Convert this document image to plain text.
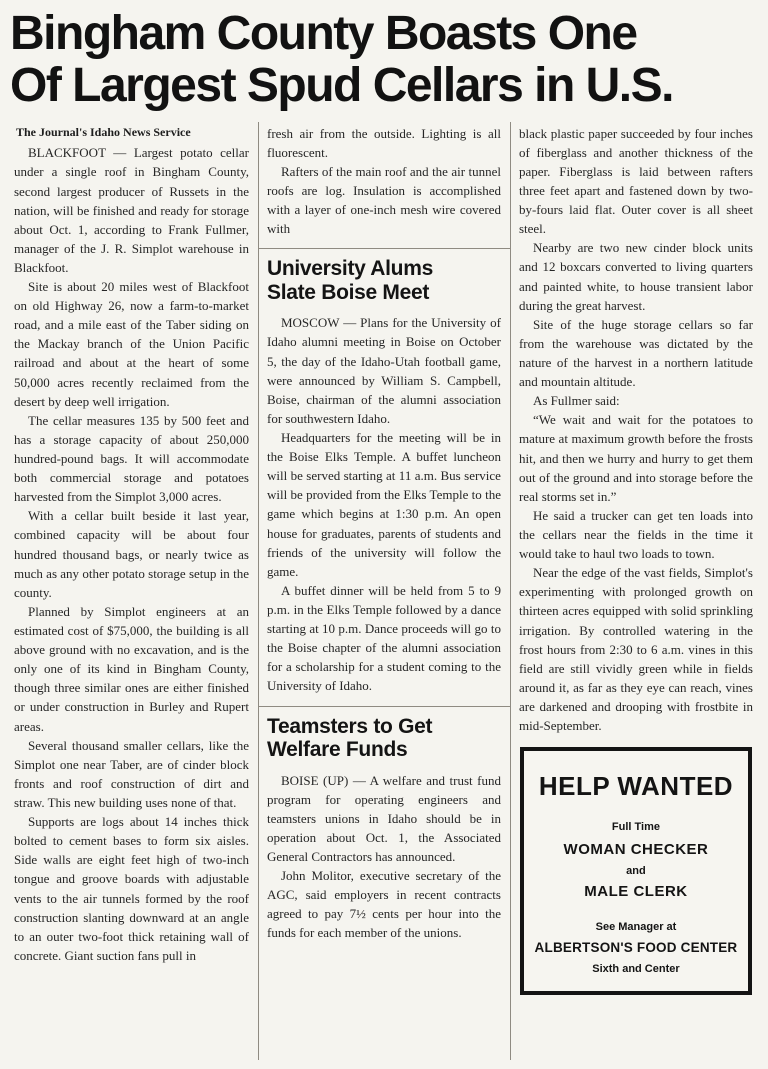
Bingham County Boasts One
Of Largest Spud Cellars in U.S.
The Journal's Idaho News Service

BLACKFOOT — Largest potato cellar under a single roof in Bingham County, second largest producer of Russets in the nation, will be finished and ready for storage about Oct. 1, according to Frank Fullmer, manager of the J. R. Simplot warehouse in Blackfoot.

Site is about 20 miles west of Blackfoot on old Highway 26, now a farm-to-market road, and a mile east of the Taber siding on the Mackay branch of the Union Pacific railroad and about at the heart of some 50,000 acres recently reclaimed from the desert by deep well irrigation.

The cellar measures 135 by 500 feet and has a storage capacity of about 250,000 hundred-pound bags. It will accommodate both commercial storage and potatoes harvested from the Simplot 3,000 acres.

With a cellar built beside it last year, combined capacity will be about four hundred thousand bags, or nearly twice as much as any other potato storage setup in the county.

Planned by Simplot engineers at an estimated cost of $75,000, the building is all above ground with no excavation, and is the only one of its kind in Bingham County, though three similar ones are either finished or under construction in Burley and Rupert areas.

Several thousand smaller cellars, like the Simplot one near Taber, are of cinder block fronts and roof construction of dirt and straw. This new building uses none of that.

Supports are logs about 14 inches thick bolted to cement bases to form six aisles. Side walls are eight feet high of two-inch tongue and groove boards with adjustable vents to the air tunnels formed by the roof construction slanting downward at an angle to an outer two-foot thick retaining wall of concrete. Giant suction fans pull in

fresh air from the outside. Lighting is all fluorescent.

Rafters of the main roof and the air tunnel roofs are log. Insulation is accomplished with a layer of one-inch mesh wire covered with

University Alums
Slate Boise Meet

MOSCOW — Plans for the University of Idaho alumni meeting in Boise on October 5, the day of the Idaho-Utah football game, were announced by William S. Campbell, Boise, chairman of the alumni association for southwestern Idaho.

Headquarters for the meeting will be in the Boise Elks Temple. A buffet luncheon will be served starting at 11 a.m. Bus service will be provided from the Elks Temple to the game which begins at 1:30 p.m. An open house for graduates, parents of students and friends of the university will follow the game.

A buffet dinner will be held from 5 to 9 p.m. in the Elks Temple followed by a dance starting at 10 p.m. Dance proceeds will go to the Boise chapter of the alumni association for a scholarship for a student coming to the University of Idaho.

Teamsters to Get
Welfare Funds

BOISE (UP) — A welfare and trust fund program for operating engineers and teamsters unions in Idaho should be in operation about Oct. 1, the Associated General Contractors has announced.

John Molitor, executive secretary of the AGC, said employers in recent contracts agreed to pay 7½ cents per hour into the funds for each member of the unions.

black plastic paper succeeded by four inches of fiberglass and another thickness of the paper. Fiberglass is laid between rafters three feet apart and fastened down by two-by-fours laid flat. Outer cover is all sheet steel.

Nearby are two new cinder block units and 12 boxcars converted to living quarters and painted white, to house transient labor during the great harvest.

Site of the huge storage cellars so far from the warehouse was dictated by the nature of the harvest in a northern latitude and mountain altitude.

As Fullmer said:

“We wait and wait for the potatoes to mature at maximum growth before the frosts hit, and then we hurry and hurry to get them out of the ground and into storage before the real storms set in.”

He said a trucker can get ten loads into the cellars near the fields in the time it would take to haul two loads to town.

Near the edge of the vast fields, Simplot's experimenting with prolonged growth on thirteen acres equipped with solid sprinkling irrigation. By controlled watering in the frost hours from 2:30 to 6 a.m. vines in this field are still vividly green while in fields around it, as far as they eye can reach, vines are darkened and drooping with frostbite in mid-September.

HELP WANTED
Full Time
WOMAN CHECKER
and
MALE CLERK
See Manager at
ALBERTSON'S FOOD CENTER
Sixth and Center
